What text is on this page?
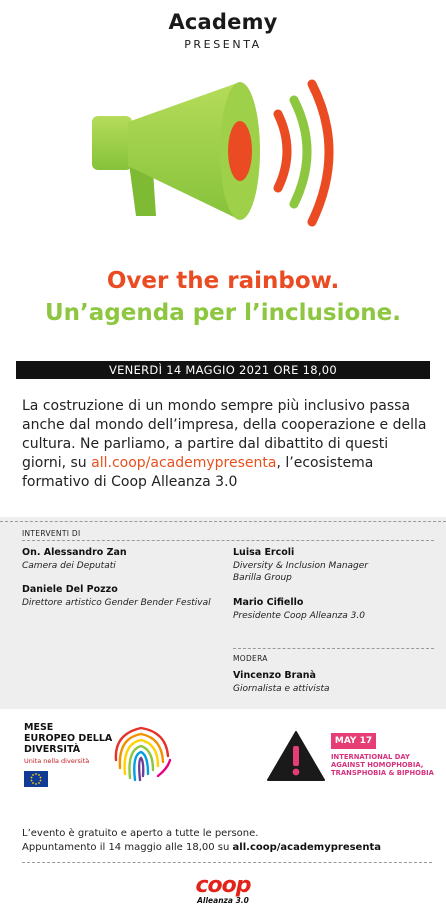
Academy
PRESENTA
Over the rainbow.
Un’agenda per l’inclusione.
VENERDÌ 14 MAGGIO 2021 ORE 18,00
La costruzione di un mondo sempre più inclusivo passa anche dal mondo dell’impresa, della cooperazione e della cultura. Ne parliamo, a partire dal dibattito di questi giorni, su all.coop/academypresenta, l’ecosistema formativo di Coop Alleanza 3.0
INTERVENTI DI
On. Alessandro Zan
Camera dei Deputati
Daniele Del Pozzo
Direttore artistico Gender Bender Festival
Luisa Ercoli
Diversity & Inclusion Manager
Barilla Group
Mario Cifiello
Presidente Coop Alleanza 3.0
MODERA
Vincenzo Branà
Giornalista e attivista
MESE
EUROPEO DELLA
DIVERSITÀ
Unita nella diversità
MAY 17
INTERNATIONAL DAY
AGAINST HOMOPHOBIA,
TRANSPHOBIA & BIPHOBIA
L’evento è gratuito e aperto a tutte le persone.
Appuntamento il 14 maggio alle 18,00 su all.coop/academypresenta
coop
Alleanza 3.0
